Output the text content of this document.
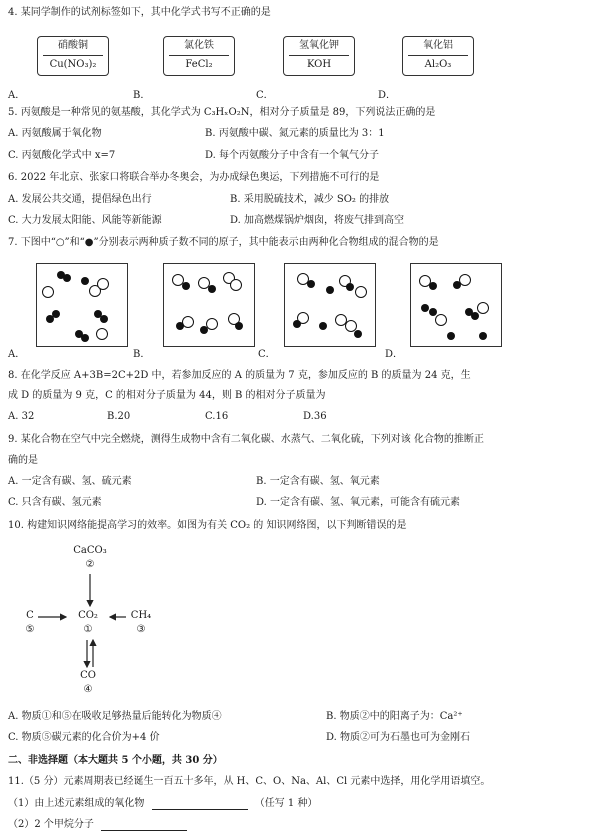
4. 某同学制作的试剂标签如下，其中化学式书写不正确的是
硝酸铜
Cu(NO₃)₂
A．
氯化铁
FeCl₂
B．
氢氧化钾
KOH
C．
氧化铝
Al₂O₃
D．
5. 丙氨酸是一种常见的氨基酸，其化学式为 C₃HₓO₂N，相对分子质量是 89，下列说法正确的是
A. 丙氨酸属于氧化物	B. 丙氨酸中碳、氮元素的质量比为 3：1
C. 丙氨酸化学式中 x=7	D. 每个丙氨酸分子中含有一个氧气分子
6. 2022 年北京、张家口将联合举办冬奥会，为办成绿色奥运，下列措施不可行的是
A. 发展公共交通，提倡绿色出行	B. 采用脱硫技术，减少 SO₂ 的排放
C. 大力发展太阳能、风能等新能源	D. 加高燃煤锅炉烟囱，将废气排到高空
7. 下图中“○”和“●”分别表示两种质子数不同的原子，其中能表示由两种化合物组成的混合物的是
A．	B．	C．	D．
8. 在化学反应 A+3B=2C+2D 中，若参加反应的 A 的质量为 7 克，参加反应的 B 的质量为 24 克，生
成 D 的质量为 9 克，C 的相对分子质量为 44，则 B 的相对分子质量为
A. 32	B.20	C.16	D.36
9. 某化合物在空气中完全燃烧，测得生成物中含有二氧化碳、水蒸气、二氧化硫，下列对该 化合物的推断正
确的是
A. 一定含有碳、氢、硫元素	B. 一定含有碳、氢、氧元素
C. 只含有碳、氢元素	D. 一定含有碳、氢、氧元素，可能含有硫元素
10. 构建知识网络能提高学习的效率。如图为有关 CO₂ 的 知识网络图，以下判断错误的是
CaCO₃
②
C
⑤
CO₂
①
CH₄
③
CO
④
A. 物质①和⑤在吸收足够热量后能转化为物质④	B. 物质②中的阳离子为：Ca²⁺
C. 物质⑤碳元素的化合价为+4 价	D. 物质②可为石墨也可为金刚石
二、非选择题（本大题共 5 个小题，共 30 分）
11.（5 分）元素周期表已经诞生一百五十多年，从 H、C、O、Na、Al、Cl 元素中选择，用化学用语填空。
（1）由上述元素组成的氧化物	（任写 1 种）
（2）2 个甲烷分子
